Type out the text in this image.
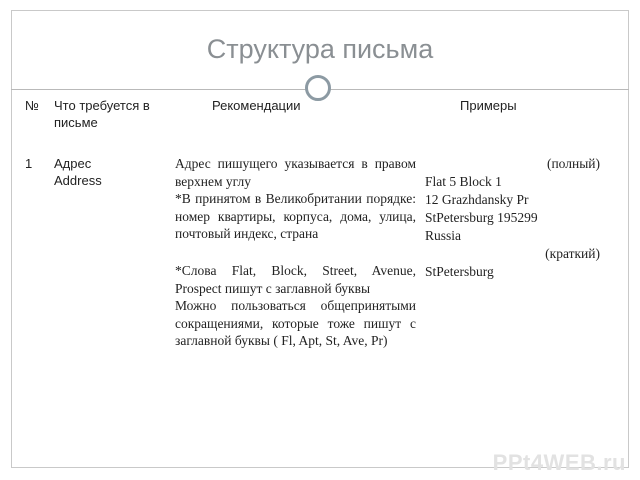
Структура письма
№ Что требуется в письме
Рекомендации	Примеры
1 Адрес
Address
Адрес пишущего указывается в правом верхнем углу
*В принятом в Великобритании порядке: номер квартиры, корпуса, дома, улица, почтовый индекс, страна
*Слова Flat, Block, Street, Avenue, Prospect пишут с заглавной буквы
Можно пользоваться общепринятыми сокращениями, которые тоже пишут с заглавной буквы ( Fl, Apt, St, Ave, Pr)
(полный)
Flat 5 Block 1
12 Grazhdansky Pr
StPetersburg 195299
Russia
(краткий)
StPetersburg
PPt4WEB.ru
